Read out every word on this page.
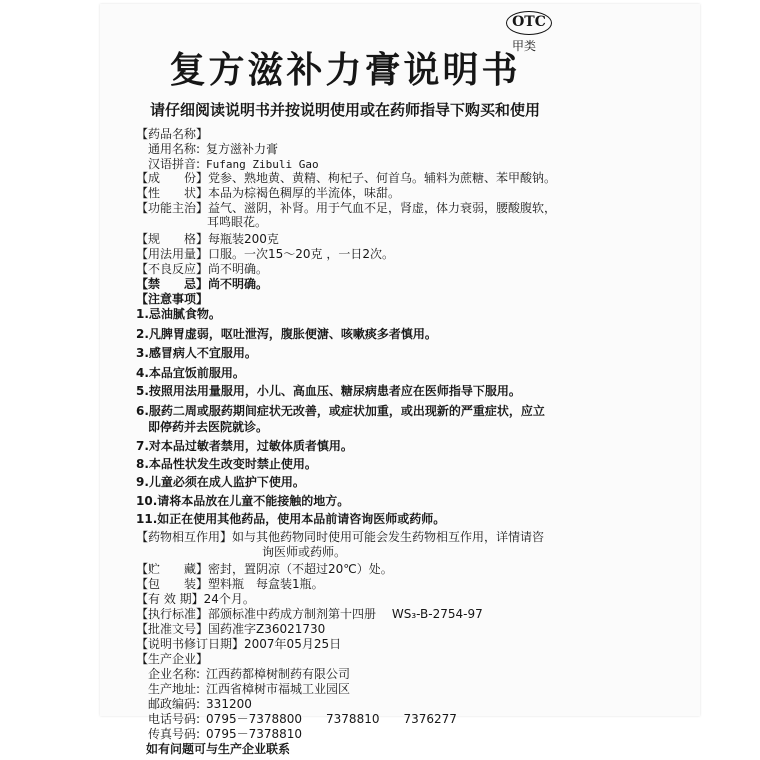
OTC
甲类
复方滋补力膏说明书
请仔细阅读说明书并按说明使用或在药师指导下购买和使用
【药品名称】
通用名称: 复方滋补力膏
汉语拼音: Fufang Zibuli Gao
【成　　份】党参、熟地黄、黄精、枸杞子、何首乌。辅料为蔗糖、苯甲酸钠。
【性　　状】本品为棕褐色稠厚的半流体，味甜。
【功能主治】益气、滋阴，补肾。用于气血不足，肾虚，体力衰弱，腰酸腹软，
耳鸣眼花。
【规　　格】每瓶装200克
【用法用量】口服。一次15～20克 ，一日2次。
【不良反应】尚不明确。
【禁　　忌】尚不明确。
【注意事项】
1.忌油腻食物。
2.凡脾胃虚弱，呕吐泄泻，腹胀便溏、咳嗽痰多者慎用。
3.感冒病人不宜服用。
4.本品宜饭前服用。
5.按照用法用量服用，小儿、高血压、糖尿病患者应在医师指导下服用。
6.服药二周或服药期间症状无改善，或症状加重，或出现新的严重症状，应立
即停药并去医院就诊。
7.对本品过敏者禁用，过敏体质者慎用。
8.本品性状发生改变时禁止使用。
9.儿童必须在成人监护下使用。
10.请将本品放在儿童不能接触的地方。
11.如正在使用其他药品，使用本品前请咨询医师或药师。
【药物相互作用】如与其他药物同时使用可能会发生药物相互作用，详情请咨
询医师或药师。
【贮　　藏】密封，置阴凉（不超过20℃）处。
【包　　装】塑料瓶　每盒装1瓶。
【有 效 期】24个月。
【执行标准】部颁标准中药成方制剂第十四册　 WS₃-B-2754-97
【批准文号】国药准字Z36021730
【说明书修订日期】2007年05月25日
【生产企业】
企业名称: 江西药都樟树制药有限公司
生产地址: 江西省樟树市福城工业园区
邮政编码: 331200
电话号码: 0795－7378800　　7378810　　7376277
传真号码: 0795－7378810
如有问题可与生产企业联系
